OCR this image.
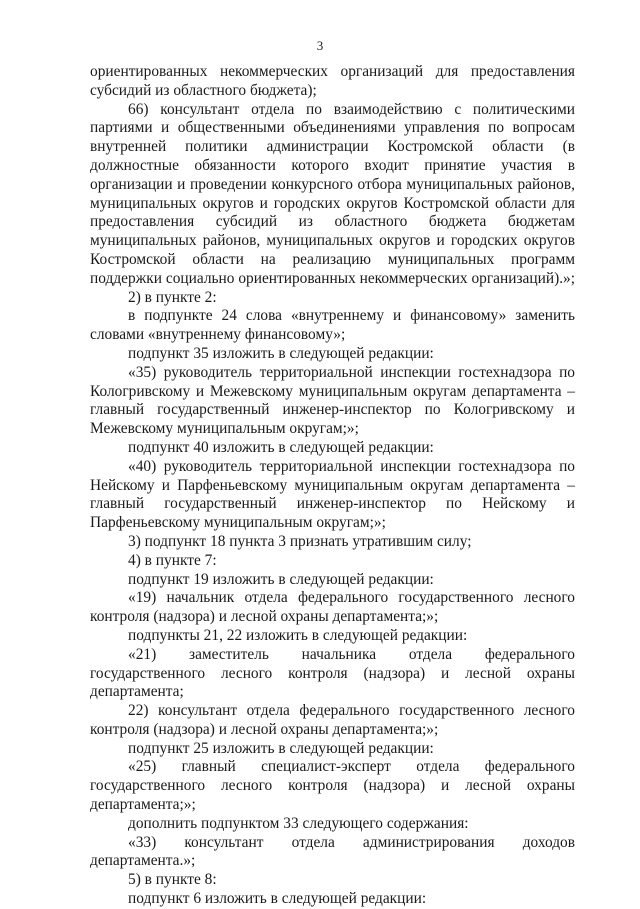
3

ориентированных некоммерческих организаций для предоставления субсидий из областного бюджета);

66) консультант отдела по взаимодействию с политическими партиями и общественными объединениями управления по вопросам внутренней политики администрации Костромской области (в должностные обязанности которого входит принятие участия в организации и проведении конкурсного отбора муниципальных районов, муниципальных округов и городских округов Костромской области для предоставления субсидий из областного бюджета бюджетам муниципальных районов, муниципальных округов и городских округов Костромской области на реализацию муниципальных программ поддержки социально ориентированных некоммерческих организаций).»;

2) в пункте 2:

в подпункте 24 слова «внутреннему и финансовому» заменить словами «внутреннему финансовому»;

подпункт 35 изложить в следующей редакции:

«35) руководитель территориальной инспекции гостехнадзора по Кологривскому и Межевскому муниципальным округам департамента – главный государственный инженер-инспектор по Кологривскому и Межевскому муниципальным округам;»;

подпункт 40 изложить в следующей редакции:

«40) руководитель территориальной инспекции гостехнадзора по Нейскому и Парфеньевскому муниципальным округам департамента – главный государственный инженер-инспектор по Нейскому и Парфеньевскому муниципальным округам;»;

3) подпункт 18 пункта 3 признать утратившим силу;

4) в пункте 7:

подпункт 19 изложить в следующей редакции:

«19) начальник отдела федерального государственного лесного контроля (надзора) и лесной охраны департамента;»;

подпункты 21, 22 изложить в следующей редакции:

«21) заместитель начальника отдела федерального государственного лесного контроля (надзора) и лесной охраны департамента;

22) консультант отдела федерального государственного лесного контроля (надзора) и лесной охраны департамента;»;

подпункт 25 изложить в следующей редакции:

«25) главный специалист-эксперт отдела федерального государственного лесного контроля (надзора) и лесной охраны департамента;»;

дополнить подпунктом 33 следующего содержания:

«33) консультант отдела администрирования доходов департамента.»;

5) в пункте 8:

подпункт 6 изложить в следующей редакции:
